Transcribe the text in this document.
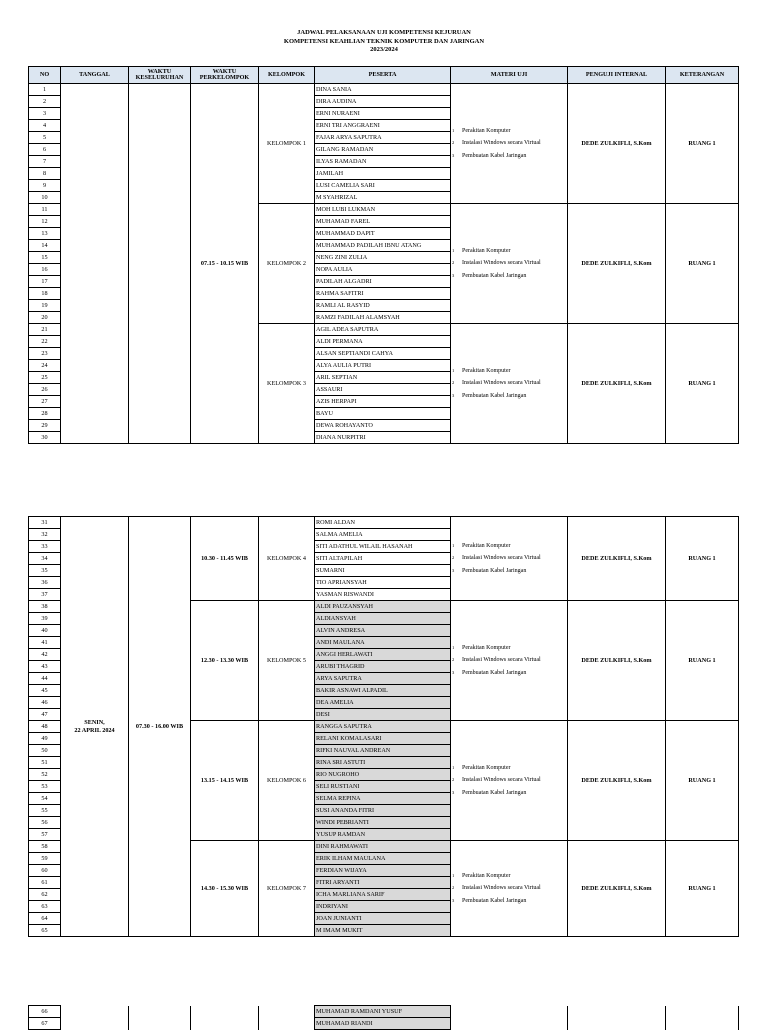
JADWAL PELAKSANAAN UJI KOMPETENSI KEJURUAN
KOMPETENSI KEAHLIAN TEKNIK KOMPUTER DAN JARINGAN
2023/2024
NO	TANGGAL	WAKTU KESELURUHAN	WAKTU PERKELOMPOK	KELOMPOK	PESERTA	MATERI UJI	PENGUJI INTERNAL	KETERANGAN
1			07.15 - 10.15 WIB	KELOMPOK 1	DINA SANIA	1 Perakitan Komputer
2 Instalasi Windows secara Virtual
3 Pembuatan Kabel Jaringan	DEDE ZULKIFLI, S.Kom	RUANG 1
2					DIRA AUDINA			
3					ERNI NURAENI			
4					ERNI TRI ANGGRAENI			
5					FAJAR ARYA SAPUTRA			
6					GILANG RAMADAN			
7					ILYAS RAMADAN			
8					JAMILAH			
9					LUSI CAMELIA SARI			
10					M SYAHRIZAL			
11				KELOMPOK 2	MOH LUBI LUKMAN	1 Perakitan Komputer
2 Instalasi Windows secara Virtual
3 Pembuatan Kabel Jaringan	DEDE ZULKIFLI, S.Kom	RUANG 1
12					MUHAMAD FAREL			
13					MUHAMMAD DAPIT			
14					MUHAMMAD PADILAH IBNU ATANG			
15					NENG ZINI ZULIA			
16					NOPA AULIA			
17					PADILAH ALGADRI			
18					RAHMA SAFITRI			
19					RAMLI AL RASYID			
20					RAMZI FADILAH ALAMSYAH			
21				KELOMPOK 3	AGIL ADEA SAPUTRA	1 Perakitan Komputer
2 Instalasi Windows secara Virtual
3 Pembuatan Kabel Jaringan	DEDE ZULKIFLI, S.Kom	RUANG 1
22					ALDI PERMANA			
23					ALSAN SEPTIANDI CAHYA			
24					ALYA AULIA PUTRI			
25					ARIL SEPTIAN			
26					ASSAURI			
27					AZIS HERPAPI			
28					BAYU			
29					DEWA ROHAYANTO			
30					DIANA NURPITRI			
31	SENIN,
22 APRIL 2024	07.30 - 16.00 WIB	10.30 - 11.45 WIB	KELOMPOK 4	ROMI ALDAN	1 Perakitan Komputer
2 Instalasi Windows secara Virtual
3 Pembuatan Kabel Jaringan	DEDE ZULKIFLI, S.Kom	RUANG 1
32					SALMA AMELIA			
33					SITI ADATHUL WILAIL HASANAH			
34					SITI ALTAPILAH			
35					SUMARNI			
36					TIO APRIANSYAH			
37					YASMAN RISWANDI			
38			12.30 - 13.30 WIB	KELOMPOK 5	ALDI PAUZANSYAH	1 Perakitan Komputer
2 Instalasi Windows secara Virtual
3 Pembuatan Kabel Jaringan	DEDE ZULKIFLI, S.Kom	RUANG 1
39					ALDIANSYAH			
40					ALVIN ANDRESA			
41					ANDI MAULANA			
42					ANGGI HERLAWATI			
43					ARUBI THAGRID			
44					ARYA SAPUTRA			
45					BAKIR ASNAWI ALPADIL			
46					DEA AMELIA			
47					DESI			
48			13.15 - 14.15 WIB	KELOMPOK 6	RANGGA SAPUTRA	1 Perakitan Komputer
2 Instalasi Windows secara Virtual
3 Pembuatan Kabel Jaringan	DEDE ZULKIFLI, S.Kom	RUANG 1
49					RELANI KOMALASARI			
50					RIFKI NAUVAL ANDREAN			
51					RINA SRI ASTUTI			
52					RIO NUGROHO			
53					SELI RUSTIANI			
54					SELMA REPINA			
55					SUSI ANANDA FITRI			
56					WINDI PEBRIANTI			
57					YUSUP RAMDAN			
58			14.30 - 15.30 WIB	KELOMPOK 7	DINI RAHMAWATI	1 Perakitan Komputer
2 Instalasi Windows secara Virtual
3 Pembuatan Kabel Jaringan	DEDE ZULKIFLI, S.Kom	RUANG 1
59					ERIK ILHAM MAULANA			
60					FERDIAN WIJAYA			
61					FITRI ARYANTI			
62					ICHA MARLIANA SARIF			
63					INDRIYANI			
64					JOAN JUNIANTI			
65					M IMAM MUKIT			
66					MUHAMAD RAMDANI YUSUF			
67					MUHAMAD RIANDI			
